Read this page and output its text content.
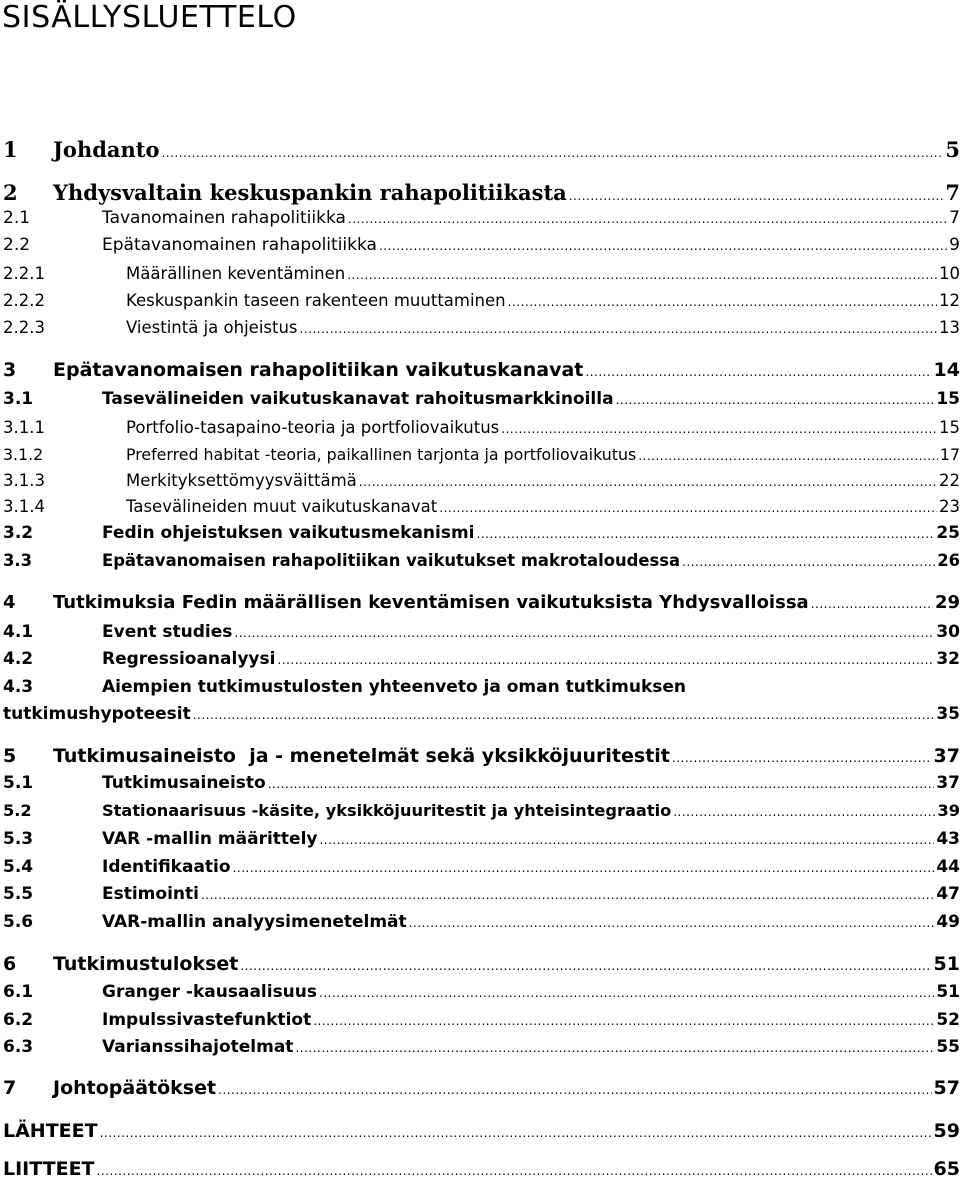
SISÄLLYSLUETTELO
1	Johdanto .....	5
2	Yhdysvaltain keskuspankin rahapolitiikasta .....	7
2.1	Tavanomainen rahapolitiikka .....	7
2.2	Epätavanomainen rahapolitiikka .....	9
2.2.1	Määrällinen keventäminen .....	10
2.2.2	Keskuspankin taseen rakenteen muuttaminen .....	12
2.2.3	Viestintä ja ohjeistus .....	13
3	Epätavanomaisen rahapolitiikan vaikutuskanavat .....	14
3.1	Tasevälineiden vaikutuskanavat rahoitusmarkkinoilla .....	15
3.1.1	Portfolio-tasapaino-teoria ja portfoliovaikutus .....	15
3.1.2	Preferred habitat -teoria, paikallinen tarjonta ja portfoliovaikutus .....	17
3.1.3	Merkityksettömyysväittämä .....	22
3.1.4	Tasevälineiden muut vaikutuskanavat .....	23
3.2	Fedin ohjeistuksen vaikutusmekanismi .....	25
3.3	Epätavanomaisen rahapolitiikan vaikutukset makrotaloudessa .....	26
4	Tutkimuksia Fedin määrällisen keventämisen vaikutuksista Yhdysvalloissa .....	29
4.1	Event studies .....	30
4.2	Regressioanalyysi .....	32
4.3	Aiempien tutkimustulosten yhteenveto ja oman tutkimuksen
tutkimushypoteesit .....	35
5	Tutkimusaineisto  ja - menetelmät sekä yksikköjuuritestit .....	37
5.1	Tutkimusaineisto .....	37
5.2	Stationaarisuus -käsite, yksikköjuuritestit ja yhteisintegraatio .....	39
5.3	VAR -mallin määrittely .....	43
5.4	Identifikaatio .....	44
5.5	Estimointi .....	47
5.6	VAR-mallin analyysimenetelmät .....	49
6	Tutkimustulokset .....	51
6.1	Granger -kausaalisuus .....	51
6.2	Impulssivastefunktiot .....	52
6.3	Varianssihajotelmat .....	55
7	Johtopäätökset .....	57
LÄHTEET .....	59
LIITTEET .....	65
